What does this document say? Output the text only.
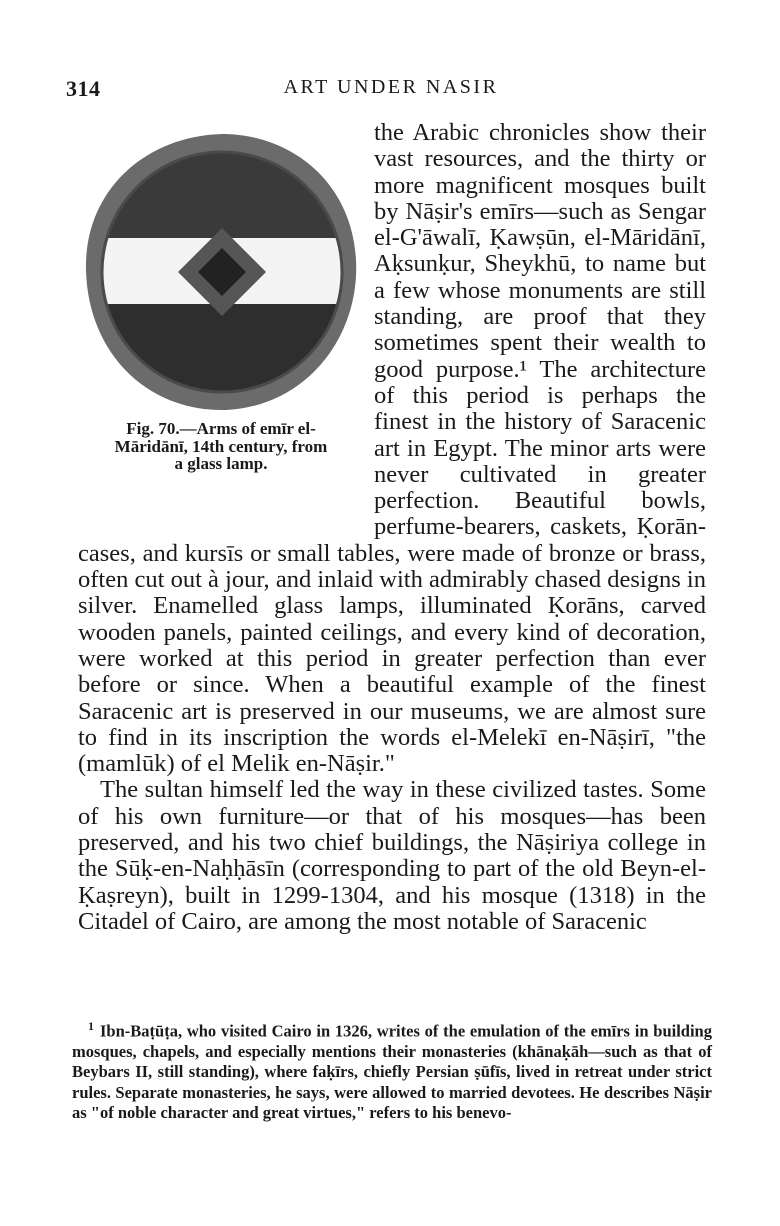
314	ART UNDER NASIR
Fig. 70.—Arms of emīr el-
Māridānī, 14th century, from
a glass lamp.

the Arabic chronicles show their vast resources, and the thirty or more magnificent mosques built by Nāṣir's emīrs—such as Sengar el-G'āwalī, Ḳawṣūn, el-Māridānī, Aḳsunḳur, Sheykhū, to name but a few whose monuments are still standing, are proof that they sometimes spent their wealth to good purpose.¹ The architecture of this period is perhaps the finest in the history of Saracenic art in Egypt. The minor arts were never cultivated in greater perfection. Beautiful bowls, perfume-bearers, caskets, Ḳorān-cases, and kursīs or small tables, were made of bronze or brass, often cut out à jour, and inlaid with admirably chased designs in silver. Enamelled glass lamps, illuminated Ḳorāns, carved wooden panels, painted ceilings, and every kind of decoration, were worked at this period in greater perfection than ever before or since. When a beautiful example of the finest Saracenic art is preserved in our museums, we are almost sure to find in its inscription the words el-Melekī en-Nāṣirī, "the (mamlūk) of el Melik en-Nāṣir."

The sultan himself led the way in these civilized tastes. Some of his own furniture—or that of his mosques—has been preserved, and his two chief buildings, the Nāṣiriya college in the Sūḳ-en-Naḥḥāsīn (corresponding to part of the old Beyn-el-Ḳaṣreyn), built in 1299-1304, and his mosque (1318) in the Citadel of Cairo, are among the most notable of Saracenic

$^1$ Ibn-Baṭūṭa, who visited Cairo in 1326, writes of the emulation of the emīrs in building mosques, chapels, and especially mentions their monasteries (khānaḳāh—such as that of Beybars II, still standing), where faḳīrs, chiefly Persian ṣūfīs, lived in retreat under strict rules. Separate monasteries, he says, were allowed to married devotees. He describes Nāṣir as "of noble character and great virtues," refers to his benevo-
